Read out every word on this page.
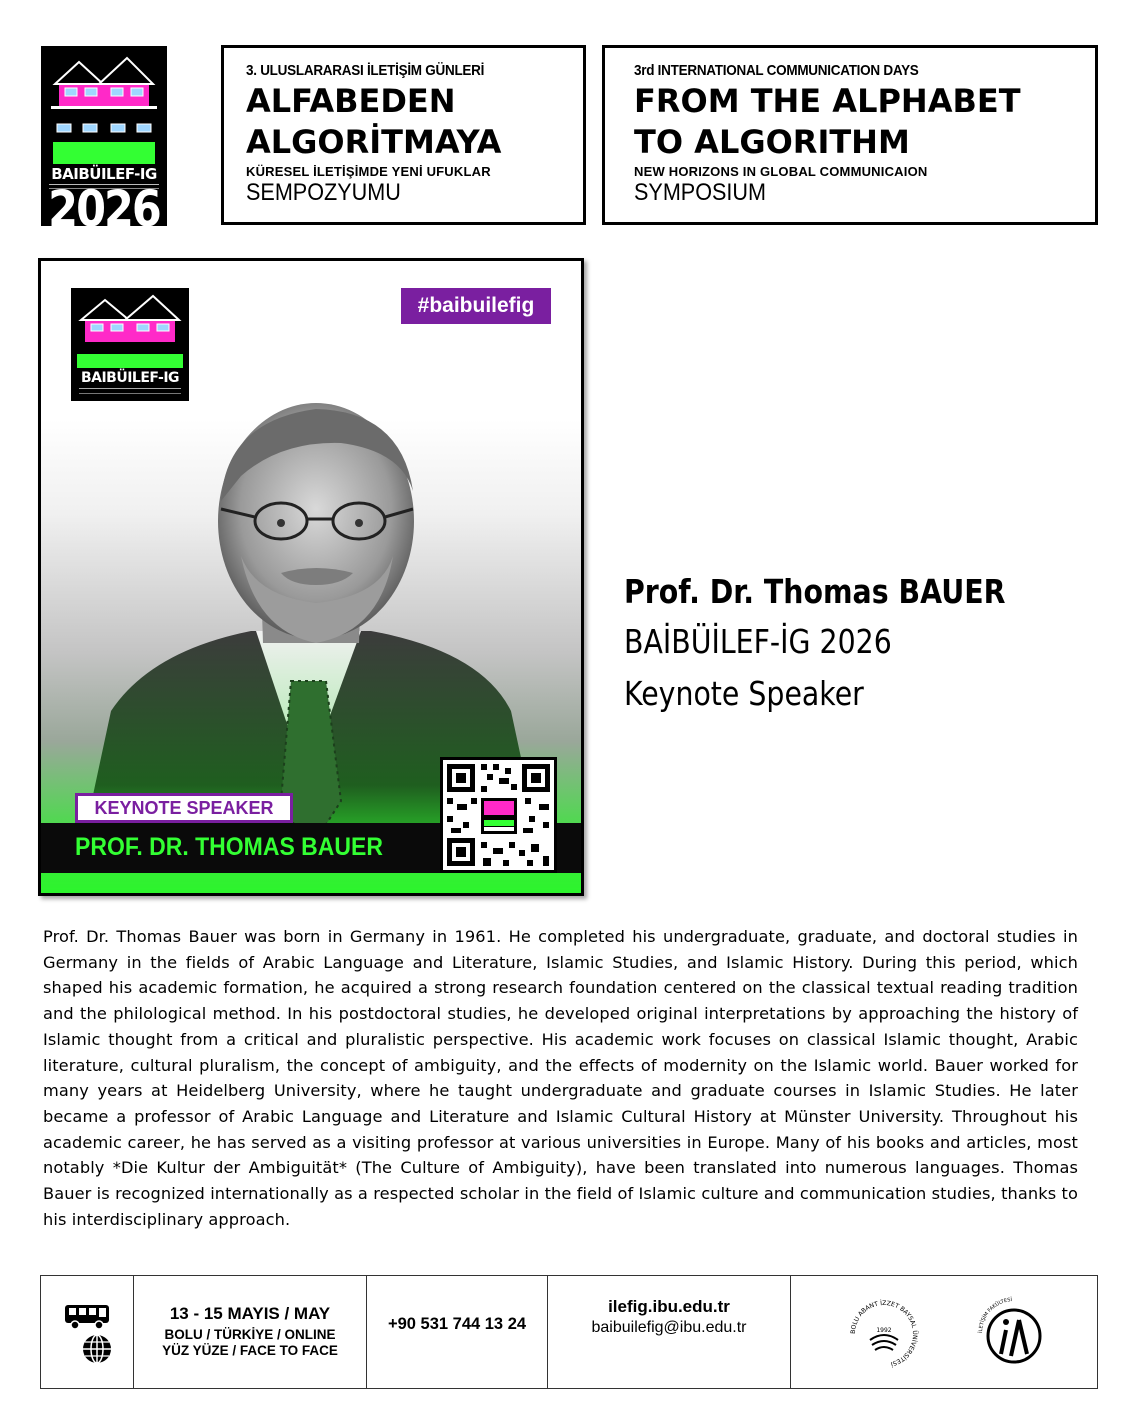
BAIBÜILEF-IG
2026
3. ULUSLARARASI İLETİŞİM GÜNLERİ
ALFABEDEN
ALGORİTMAYA
KÜRESEL İLETİŞİMDE YENİ UFUKLAR
SEMPOZYUMU
3rd INTERNATIONAL COMMUNICATION DAYS
FROM THE ALPHABET
TO ALGORITHM
NEW HORIZONS IN GLOBAL COMMUNICAION
SYMPOSIUM
BAIBÜILEF-IG
#baibuilefig
KEYNOTE SPEAKER
PROF. DR. THOMAS BAUER
Prof. Dr. Thomas BAUER
BAİBÜİLEF-İG 2026
Keynote Speaker
Prof. Dr. Thomas Bauer was born in Germany in 1961. He completed his undergraduate, graduate, and doctoral studies in Germany in the fields of Arabic Language and Literature, Islamic Studies, and Islamic History. During this period, which shaped his academic formation, he acquired a strong research foundation centered on the classical textual reading tradition and the philological method. In his postdoctoral studies, he developed original interpretations by approaching the history of Islamic thought from a critical and pluralistic perspective. His academic work focuses on classical Islamic thought, Arabic literature, cultural pluralism, the concept of ambiguity, and the effects of modernity on the Islamic world. Bauer worked for many years at Heidelberg University, where he taught undergraduate and graduate courses in Islamic Studies. He later became a professor of Arabic Language and Literature and Islamic Cultural History at Münster University. Throughout his academic career, he has served as a visiting professor at various universities in Europe. Many of his books and articles, most notably *Die Kultur der Ambiguität* (The Culture of Ambiguity), have been translated into numerous languages. Thomas Bauer is recognized internationally as a respected scholar in the field of Islamic culture and communication studies, thanks to his interdisciplinary approach.
13 - 15 MAYIS / MAY
BOLU / TÜRKİYE / ONLINE
YÜZ YÜZE / FACE TO FACE
+90 531 744 13 24
ilefig.ibu.edu.tr
baibuilefig@ibu.edu.tr	BOLU ABANT İZZET BAYSAL ÜNİVERSİTESİ
1992	İLETİŞİM FAKÜLTESİ
